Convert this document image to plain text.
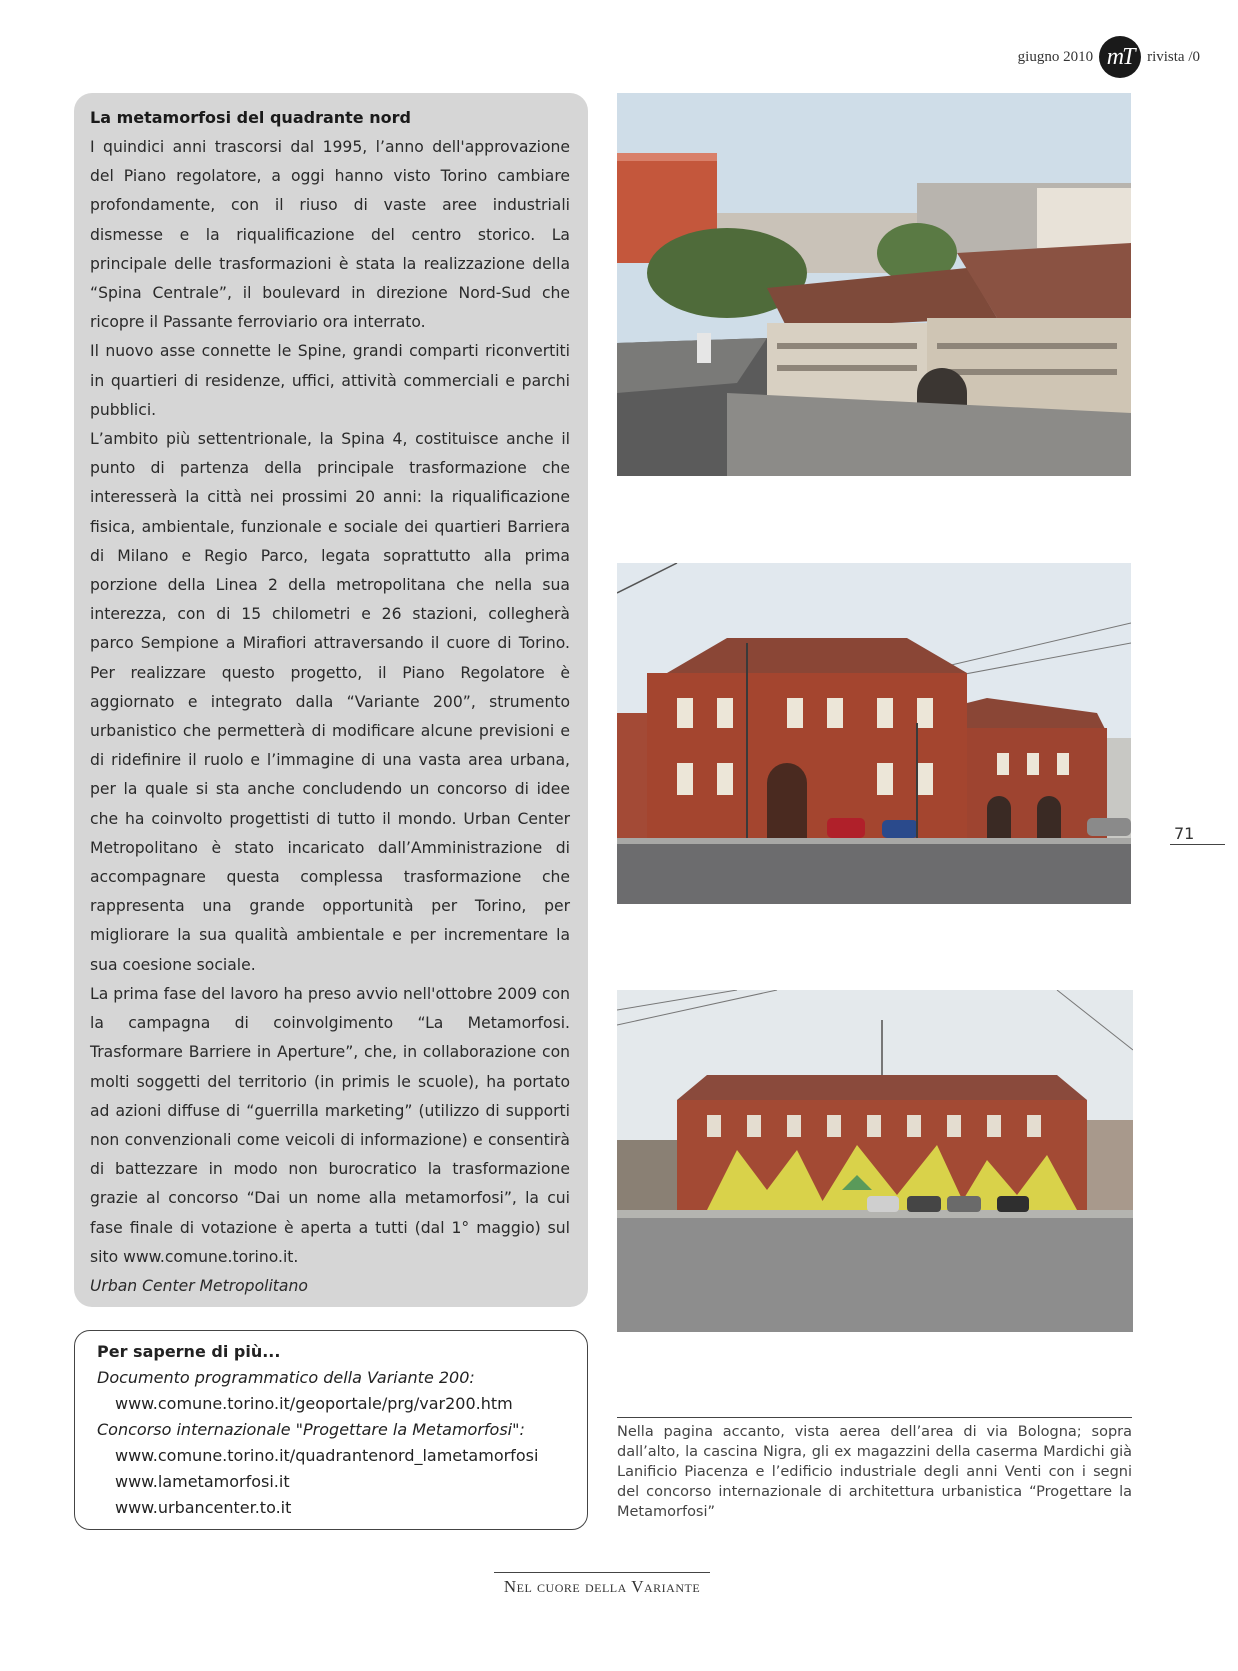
giugno 2010 mT rivista /0
La metamorfosi del quadrante nord

I quindici anni trascorsi dal 1995, l’anno dell'approvazione del Piano regolatore, a oggi hanno visto Torino cambiare profondamente, con il riuso di vaste aree industriali dismesse e la riqualificazione del centro storico. La principale delle trasformazioni è stata la realizzazione della “Spina Centrale”, il boulevard in direzione Nord-Sud che ricopre il Passante ferroviario ora interrato.

Il nuovo asse connette le Spine, grandi comparti riconvertiti in quartieri di residenze, uffici, attività commerciali e parchi pubblici.

L’ambito più settentrionale, la Spina 4, costituisce anche il punto di partenza della principale trasformazione che interesserà la città nei prossimi 20 anni: la riqualificazione fisica, ambientale, funzionale e sociale dei quartieri Barriera di Milano e Regio Parco, legata soprattutto alla prima porzione della Linea 2 della metropolitana che nella sua interezza, con di 15 chilometri e 26 stazioni, collegherà parco Sempione a Mirafiori attraversando il cuore di Torino. Per realizzare questo progetto, il Piano Regolatore è aggiornato e integrato dalla “Variante 200”, strumento urbanistico che permetterà di modificare alcune previsioni e di ridefinire il ruolo e l’immagine di una vasta area urbana, per la quale si sta anche concludendo un concorso di idee che ha coinvolto progettisti di tutto il mondo. Urban Center Metropolitano è stato incaricato dall’Amministrazione di accompagnare questa complessa trasformazione che rappresenta una grande opportunità per Torino, per migliorare la sua qualità ambientale e per incrementare la sua coesione sociale.

La prima fase del lavoro ha preso avvio nell'ottobre 2009 con la campagna di coinvolgimento “La Metamorfosi. Trasformare Barriere in Aperture”, che, in collaborazione con molti soggetti del territorio (in primis le scuole), ha portato ad azioni diffuse di “guerrilla marketing” (utilizzo di supporti non convenzionali come veicoli di informazione) e consentirà di battezzare in modo non burocratico la trasformazione grazie al concorso “Dai un nome alla metamorfosi”, la cui fase finale di votazione è aperta a tutti (dal 1° maggio) sul sito www.comune.torino.it.

Urban Center Metropolitano

Per saperne di più...
Documento programmatico della Variante 200:
www.comune.torino.it/geoportale/prg/var200.htm
Concorso internazionale "Progettare la Metamorfosi":
www.comune.torino.it/quadrantenord_lametamorfosi
www.lametamorfosi.it
www.urbancenter.to.it
Nella pagina accanto, vista aerea dell’area di via Bologna; sopra dall’alto, la cascina Nigra, gli ex magazzini della caserma Mardichi già Lanificio Piacenza e l’edificio industriale degli anni Venti con i segni del concorso internazionale di architettura urbanistica “Progettare la Metamorfosi”
71
Nel cuore della Variante
